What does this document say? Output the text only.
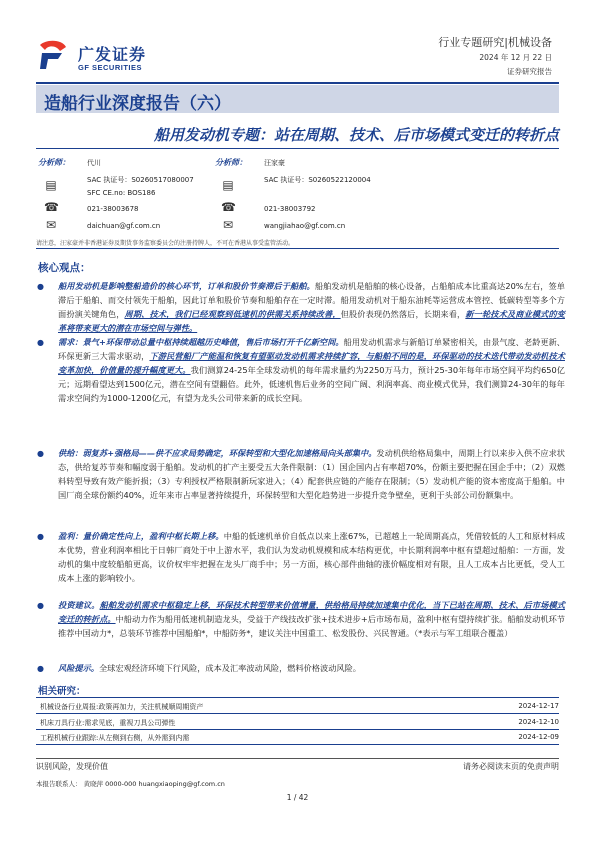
广发证券
GF SECURITIES
行业专题研究|机械设备
2024 年 12 月 22 日
证券研究报告
造船行业深度报告（六）
船用发动机专题：站在周期、技术、后市场模式变迁的转折点
分析师： 代川
▤	SAC 执证号：S0260517080007
SFC CE.no: BOS186
☎	021-38003678
✉	daichuan@gf.com.cn
分析师： 汪家豪
▤	SAC 执证号：S0260522120004
☎	021-38003792
✉	wangjiahao@gf.com.cn
请注意，汪家豪并非香港证券及期货事务监察委员会的注册持牌人，不可在香港从事受监管活动。
核心观点：
● 船用发动机是影响整船造价的核心环节，订单和股价节奏滞后于船舶。船舶发动机是船舶的核心设备，占船舶成本比重高达20%左右，签单滞后于船舶、而交付领先于船舶，因此订单和股价节奏和船舶存在一定时滞。船用发动机对于船东油耗等运营成本管控、低碳转型等多个方面扮演关键角色，周期、技术，我们已经观察到低速机的供需关系持续改善，但股价表现仍然落后，长期来看，新一轮技术及商业模式的变革将带来更大的潜在市场空间与弹性。
● 需求：景气+环保带动总量中枢持续超越历史峰值，售后市场打开千亿新空间。船用发动机需求与新船订单紧密相关，由景气度、老龄更新、环保更新三大需求驱动，下游民营船厂产能温和恢复有望驱动发动机需求持续扩容，与船舶不同的是，环保驱动的技术迭代带动发动机技术变革加快，价值量的提升幅度更大。我们测算24-25年全球发动机的每年需求量约为2250万马力，预计25-30年每年市场空间平均约650亿元；远期看望达到1500亿元，潜在空间有望翻倍。此外，低速机售后业务的空间广阔、利润率高、商业模式优异，我们测算24-30年的每年需求空间约为1000-1200亿元，有望为龙头公司带来新的成长空间。
● 供给：弱复苏+强格局——供不应求局势确定，环保转型和大型化加速格局向头部集中。发动机供给格局集中，周期上行以来步入供不应求状态，供给复苏节奏和幅度弱于船舶。发动机的扩产主要受五大条件限制：（1）国企国内占有率超70%，份额主要把握在国企手中；（2）双燃料转型导致有效产能折损；（3）专利授权严格限制新玩家进入；（4）配套供应链的产能存在限制；（5）发动机产能的资本密度高于船舶。中国厂商全球份额约40%，近年来市占率显著持续提升，环保转型和大型化趋势进一步提升竞争壁垒，更利于头部公司份额集中。
● 盈利：量价确定性向上，盈利中枢长期上移。中船的低速机单价自低点以来上涨67%，已超越上一轮周期高点，凭借较低的人工和原材料成本优势，营业利润率相比于日韩厂商处于中上游水平，我们认为发动机规模和成本结构更优，中长期利润率中枢有望超过船舶：一方面，发动机的集中度较船舶更高，议价权牢牢把握在龙头厂商手中；另一方面，核心部件曲轴的涨价幅度相对有限，且人工成本占比更低，受人工成本上涨的影响较小。
● 投资建议。船舶发动机需求中枢稳定上移，环保技术转型带来价值增量，供给格局持续加速集中优化，当下已站在周期、技术、后市场模式变迁的转折点。中船动力作为船用低速机制造龙头，受益于产线技改扩张+技术进步+后市场布局，盈利中枢有望持续扩张。船舶发动机环节推荐中国动力*，总装环节推荐中国船舶*，中船防务*，建议关注中国重工、松发股份、兴民智通。（*表示与军工组联合覆盖）
● 风险提示。全球宏观经济环境下行风险，成本及汇率波动风险，燃料价格波动风险。
相关研究：
机械设备行业周报:政策再加力，关注机械顺周期资产	2024-12-17
机床刀具行业:需求见底，重视刀具公司弹性	2024-12-10
工程机械行业跟踪:从左侧到右侧，从外需到内需	2024-12-09
识别风险，发现价值	请务必阅读末页的免责声明
本报告联系人： 黄晓萍 0000-000 huangxiaoping@gf.com.cn
1 / 42
